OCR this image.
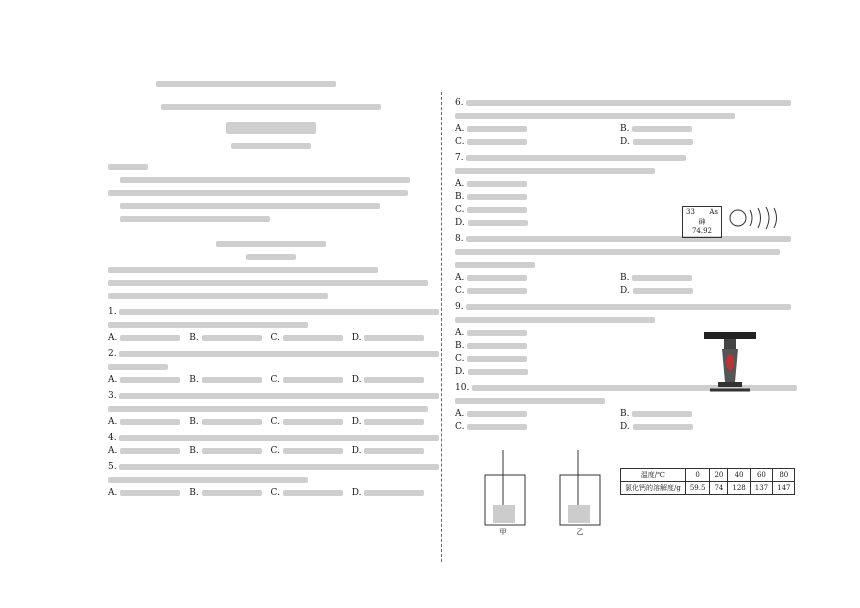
1.
A.	B.	C.	D.
2.
A.	B.	C.	D.
3.
A.	B.	C.	D.
4.
A.	B.	C.	D.
5.
A.	B.	C.	D.
6.
A.	B.
C.	D.
7.
A.
B.
C.
D.
8.
A.	B.
C.	D.
9.
A.
B.
C.
D.
10.
A.	B.
C.	D.
33 As
砷
74.92
甲	乙
温度/℃	0	20	40	60	80
氯化钙的溶解度/g	59.5	74	128	137	147
